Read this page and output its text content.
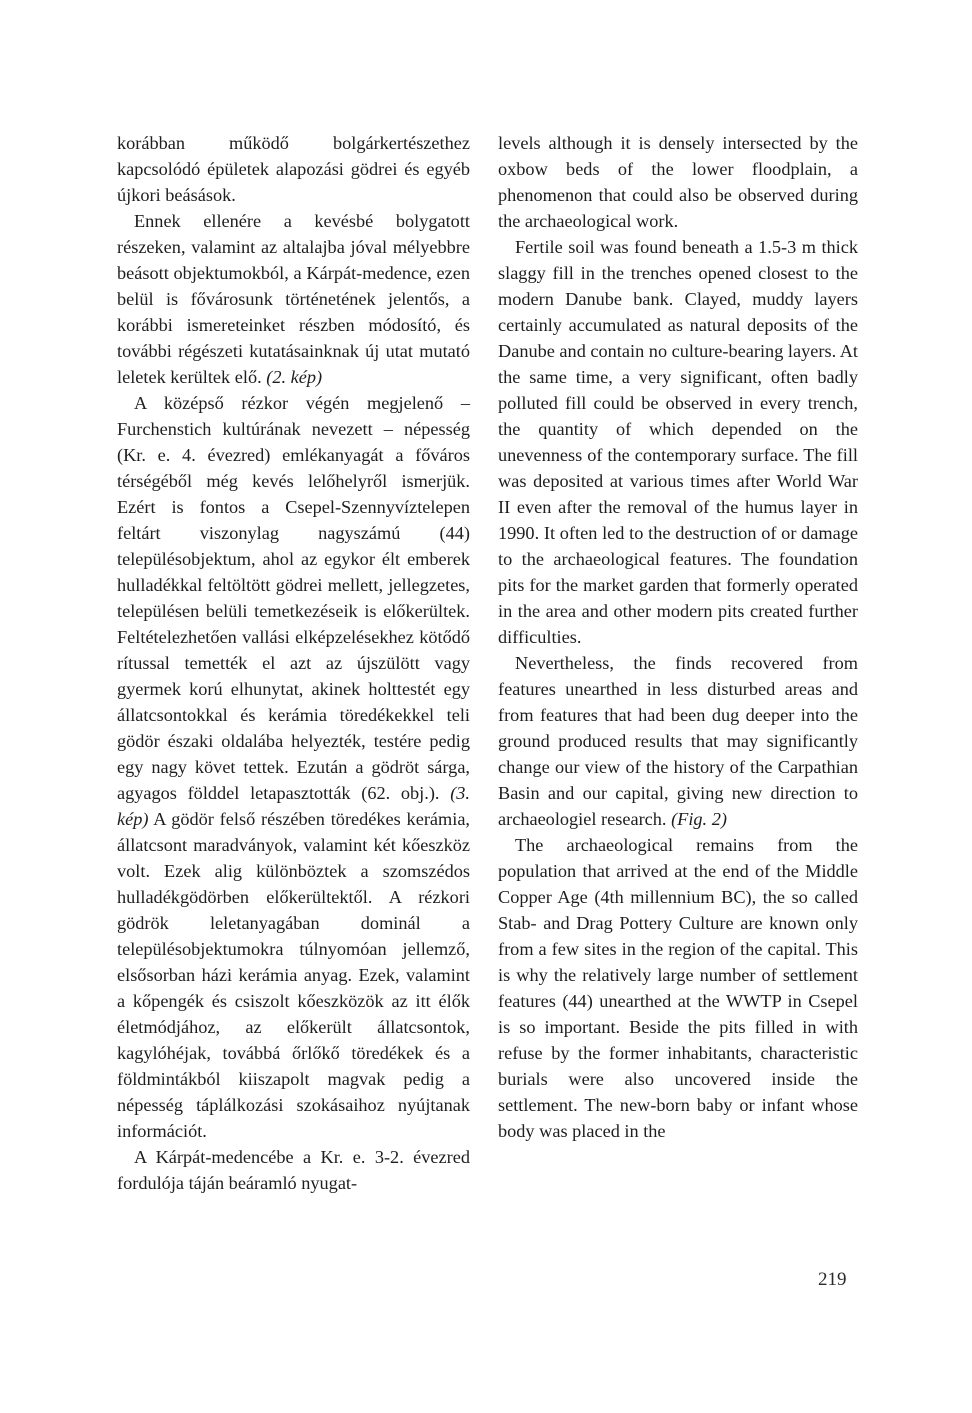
korábban működő bolgárkertészethez kapcsolódó épületek alapozási gödrei és egyéb újkori beásások.

Ennek ellenére a kevésbé bolygatott részeken, valamint az altalajba jóval mélyebbre beásott objektumokból, a Kárpát-medence, ezen belül is fővárosunk történetének jelentős, a korábbi ismereteinket részben módosító, és további régészeti kutatásainknak új utat mutató leletek kerültek elő. (2. kép)

A középső rézkor végén megjelenő – Furchenstich kultúrának nevezett – népesség (Kr. e. 4. évezred) emlékanyagát a főváros térségéből még kevés lelőhelyről ismerjük. Ezért is fontos a Csepel-Szennyvíztelepen feltárt viszonylag nagyszámú (44) településobjektum, ahol az egykor élt emberek hulladékkal feltöltött gödrei mellett, jellegzetes, településen belüli temetkezéseik is előkerültek. Feltételezhetően vallási elképzelésekhez kötődő rítussal temették el azt az újszülött vagy gyermek korú elhunytat, akinek holttestét egy állatcsontokkal és kerámia töredékekkel teli gödör északi oldalába helyezték, testére pedig egy nagy követ tettek. Ezután a gödröt sárga, agyagos földdel letapasztották (62. obj.). (3. kép) A gödör felső részében töredékes kerámia, állatcsont maradványok, valamint két kőeszköz volt. Ezek alig különböztek a szomszédos hulladékgödörben előkerültektől. A rézkori gödrök leletanyagában dominál a településobjektumokra túlnyomóan jellemző, elsősorban házi kerámia anyag. Ezek, valamint a kőpengék és csiszolt kőeszközök az itt élők életmódjához, az előkerült állatcsontok, kagylóhéjak, továbbá őrlőkő töredékek és a földmintákból kiiszapolt magvak pedig a népesség táplálkozási szokásaihoz nyújtanak információt.

A Kárpát-medencébe a Kr. e. 3-2. évezred fordulója táján beáramló nyugat-

levels although it is densely intersected by the oxbow beds of the lower floodplain, a phenomenon that could also be observed during the archaeological work.

Fertile soil was found beneath a 1.5-3 m thick slaggy fill in the trenches opened closest to the modern Danube bank. Clayed, muddy layers certainly accumulated as natural deposits of the Danube and contain no culture-bearing layers. At the same time, a very significant, often badly polluted fill could be observed in every trench, the quantity of which depended on the unevenness of the contemporary surface. The fill was deposited at various times after World War II even after the removal of the humus layer in 1990. It often led to the destruction of or damage to the archaeological features. The foundation pits for the market garden that formerly operated in the area and other modern pits created further difficulties.

Nevertheless, the finds recovered from features unearthed in less disturbed areas and from features that had been dug deeper into the ground produced results that may significantly change our view of the history of the Carpathian Basin and our capital, giving new direction to archaeologiel research. (Fig. 2)

The archaeological remains from the population that arrived at the end of the Middle Copper Age (4th millennium BC), the so called Stab- and Drag Pottery Culture are known only from a few sites in the region of the capital. This is why the relatively large number of settlement features (44) unearthed at the WWTP in Csepel is so important. Beside the pits filled in with refuse by the former inhabitants, characteristic burials were also uncovered inside the settlement. The new-born baby or infant whose body was placed in the

219
